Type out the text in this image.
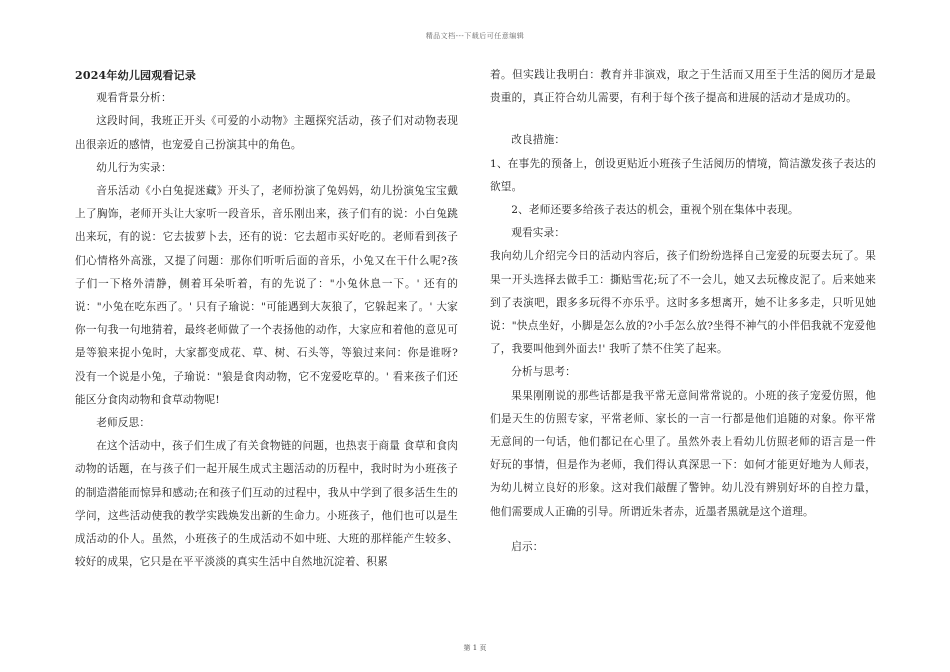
精品文档---下载后可任意编辑

2024年幼儿园观看记录

观看背景分析：

这段时间，我班正开头《可爱的小动物》主题探究活动，孩子们对动物表现出很亲近的感情，也宠爱自己扮演其中的角色。

幼儿行为实录：

音乐活动《小白兔捉迷藏》开头了，老师扮演了兔妈妈，幼儿扮演兔宝宝戴上了胸饰，老师开头让大家听一段音乐，音乐刚出来，孩子们有的说：小白兔跳出来玩，有的说：它去拔萝卜去，还有的说：它去超市买好吃的。老师看到孩子们心情格外高涨，又提了问题：那你们听听后面的音乐，小兔又在干什么呢?孩子们一下格外清静，侧着耳朵听着，有的先说了："小兔休息一下。' 还有的说："小兔在吃东西了。' 只有子瑜说："可能遇到大灰狼了，它躲起来了。' 大家你一句我一句地猜着，最终老师做了一个表扬他的动作，大家应和着他的意见可是等狼来捉小兔时，大家都变成花、草、树、石头等，等狼过来问：你是谁呀?没有一个说是小兔，子瑜说："狼是食肉动物，它不宠爱吃草的。' 看来孩子们还能区分食肉动物和食草动物呢!

老师反思：

在这个活动中，孩子们生成了有关食物链的问题，也热衷于商量 食草和食肉动物的话题，在与孩子们一起开展生成式主题活动的历程中，我时时为小班孩子的制造潜能而惊异和感动;在和孩子们互动的过程中，我从中学到了很多活生生的学问，这些活动使我的教学实践焕发出新的生命力。小班孩子，他们也可以是生成活动的仆人。虽然，小班孩子的生成活动不如中班、大班的那样能产生较多、较好的成果，它只是在平平淡淡的真实生活中自然地沉淀着、积累

着。但实践让我明白：教育并非演戏，取之于生活而又用至于生活的阅历才是最贵重的，真正符合幼儿需要，有利于每个孩子提高和进展的活动才是成功的。

改良措施：

1、在事先的预备上，创设更贴近小班孩子生活阅历的情境，简洁激发孩子表达的欲望。

2、老师还要多给孩子表达的机会，重视个别在集体中表现。

观看实录：

我向幼儿介绍完今日的活动内容后，孩子们纷纷选择自己宠爱的玩耍去玩了。果果一开头选择去做手工：撕贴雪花;玩了不一会儿，她又去玩橡皮泥了。后来她来到了表演吧，跟多多玩得不亦乐乎。这时多多想离开，她不让多多走，只听见她说："快点坐好，小脚是怎么放的?小手怎么放?坐得不神气的小伴侣我就不宠爱他了，我要叫他到外面去!' 我听了禁不住笑了起来。

分析与思考：

果果刚刚说的那些话都是我平常无意间常常说的。小班的孩子宠爱仿照，他们是天生的仿照专家，平常老师、家长的一言一行都是他们追随的对象。你平常无意间的一句话，他们都记在心里了。虽然外表上看幼儿仿照老师的语言是一件好玩的事情，但是作为老师，我们得认真深思一下：如何才能更好地为人师表，为幼儿树立良好的形象。这对我们敲醒了警钟。幼儿没有辨别好坏的自控力量，他们需要成人正确的引导。所谓近朱者赤，近墨者黑就是这个道理。

启示：

第 1 页
